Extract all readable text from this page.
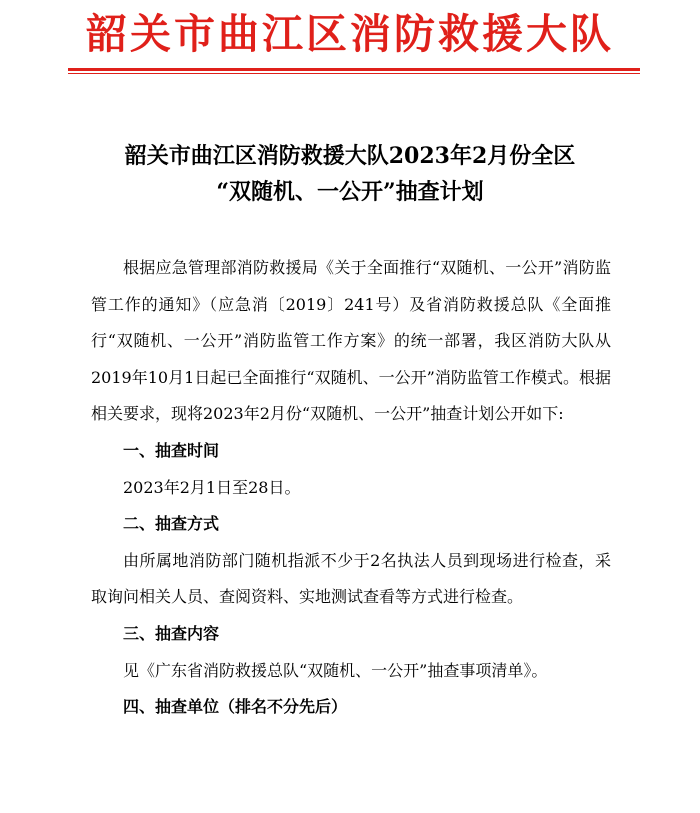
韶关市曲江区消防救援大队
韶关市曲江区消防救援大队2023年2月份全区
“双随机、一公开”抽查计划

根据应急管理部消防救援局《关于全面推行“双随机、一公开”消防监管工作的通知》（应急消〔2019〕241号）及省消防救援总队《全面推行“双随机、一公开”消防监管工作方案》的统一部署，我区消防大队从2019年10月1日起已全面推行“双随机、一公开”消防监管工作模式。根据相关要求，现将2023年2月份“双随机、一公开”抽查计划公开如下:

一、抽查时间

2023年2月1日至28日。

二、抽查方式

由所属地消防部门随机指派不少于2名执法人员到现场进行检查，采取询问相关人员、查阅资料、实地测试查看等方式进行检查。

三、抽查内容

见《广东省消防救援总队“双随机、一公开”抽查事项清单》。

四、抽查单位（排名不分先后）
